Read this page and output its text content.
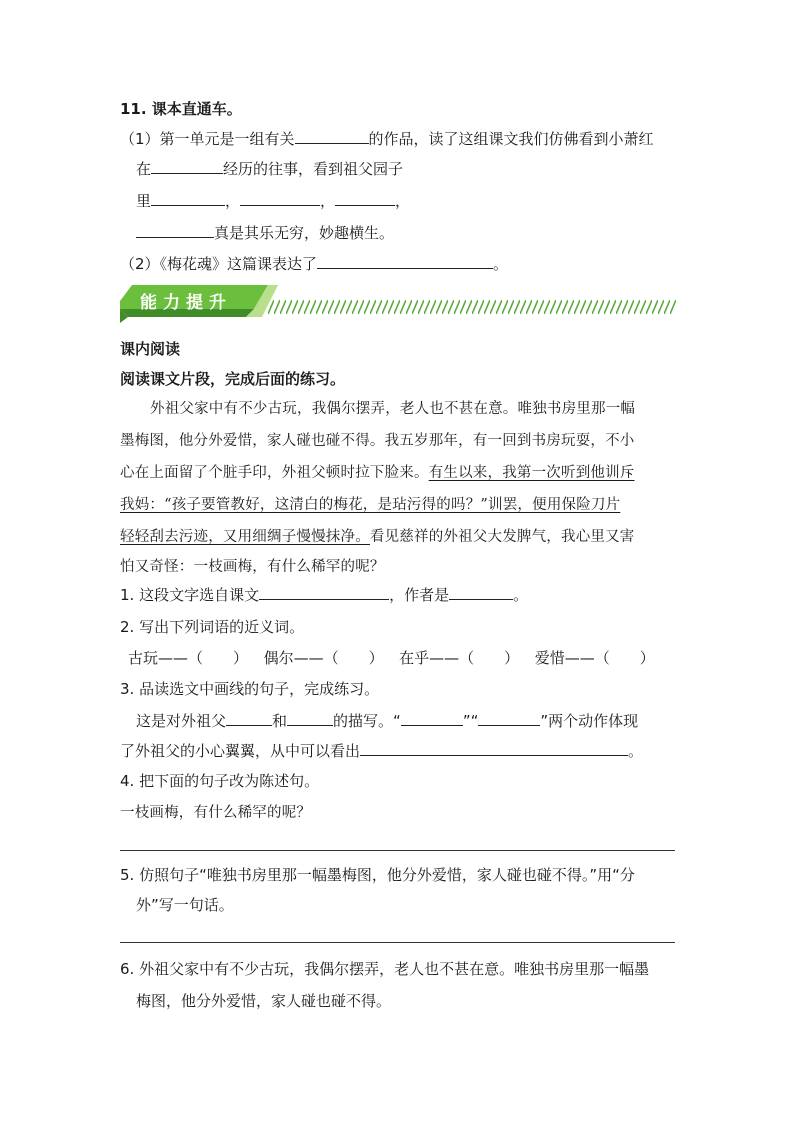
11. 课本直通车。
（1）第一单元是一组有关	的作品，读了这组课文我们仿佛看到小萧红
在	经历的往事，看到祖父园子
里	，	，	，
真是其乐无穷，妙趣横生。
（2）《梅花魂》这篇课表达了	。
能力提升
课内阅读
阅读课文片段，完成后面的练习。
外祖父家中有不少古玩，我偶尔摆弄，老人也不甚在意。唯独书房里那一幅
墨梅图，他分外爱惜，家人碰也碰不得。我五岁那年，有一回到书房玩耍，不小
心在上面留了个脏手印，外祖父顿时拉下脸来。有生以来，我第一次听到他训斥
我妈：“孩子要管教好，这清白的梅花，是玷污得的吗？”训罢，便用保险刀片
轻轻刮去污迹，又用细绸子慢慢抹净。看见慈祥的外祖父大发脾气，我心里又害
怕又奇怪：一枝画梅，有什么稀罕的呢？
1. 这段文字选自课文	，作者是	。
2. 写出下列词语的近义词。
古玩——（　　） 偶尔——（　　） 在乎——（　　） 爱惜——（　　）
3. 品读选文中画线的句子，完成练习。
这是对外祖父	和	的描写。“	”“	”两个动作体现
了外祖父的小心翼翼，从中可以看出	。
4. 把下面的句子改为陈述句。
一枝画梅，有什么稀罕的呢？
5. 仿照句子“唯独书房里那一幅墨梅图，他分外爱惜，家人碰也碰不得。”用“分
外”写一句话。
6. 外祖父家中有不少古玩，我偶尔摆弄，老人也不甚在意。唯独书房里那一幅墨
梅图，他分外爱惜，家人碰也碰不得。
